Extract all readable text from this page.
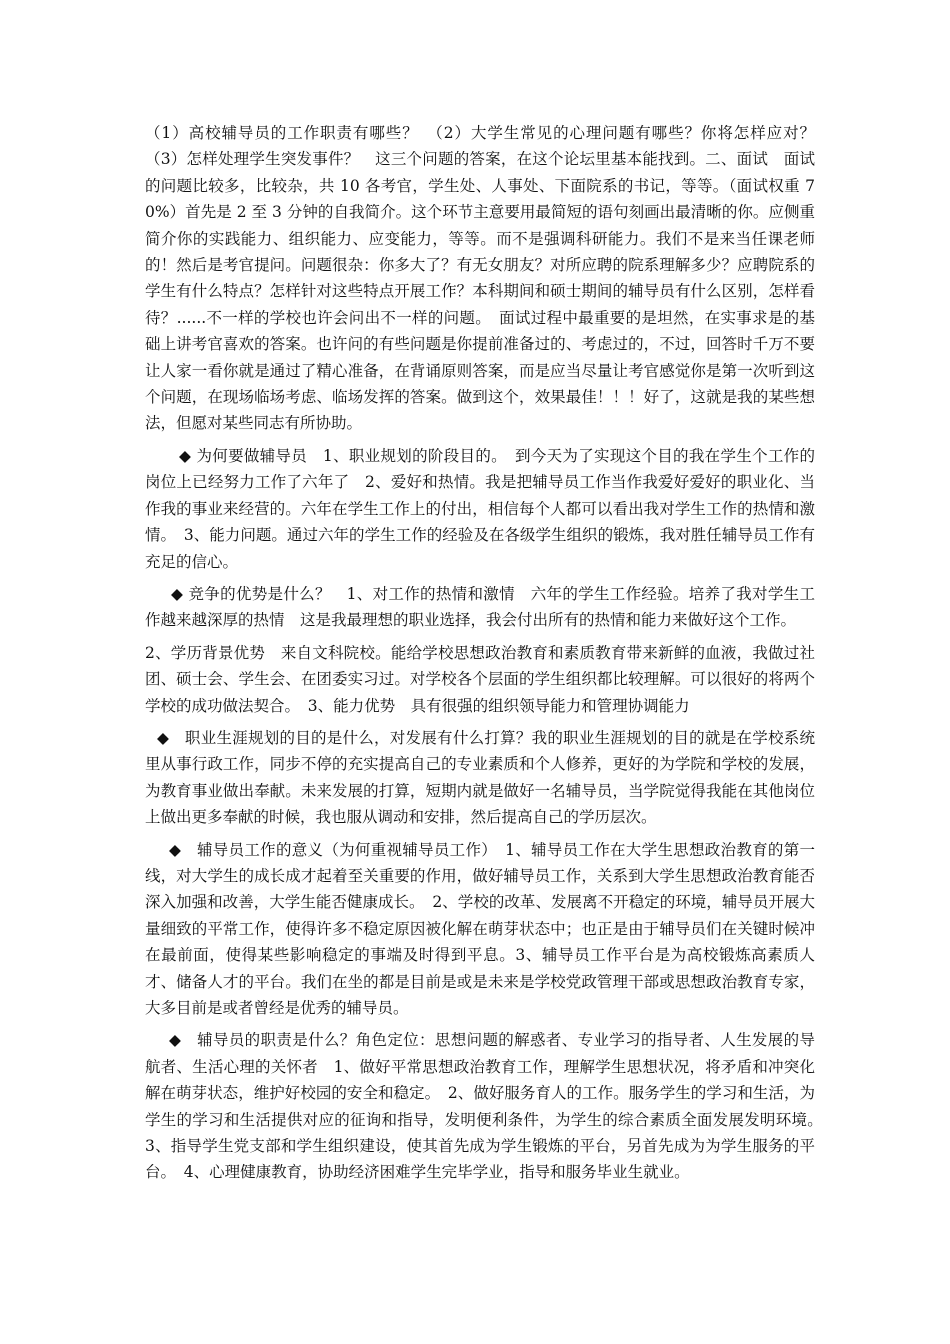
（1）高校辅导员的工作职责有哪些？　（2）大学生常见的心理问题有哪些？你将怎样应对？　（3）怎样处理学生突发事件？　这三个问题的答案，在这个论坛里基本能找到。二、面试　面试的问题比较多，比较杂，共 10 各考官，学生处、人事处、下面院系的书记，等等。（面试权重 70%）首先是 2 至 3 分钟的自我简介。这个环节主意要用最简短的语句刻画出最清晰的你。应侧重简介你的实践能力、组织能力、应变能力，等等。而不是强调科研能力。我们不是来当任课老师的！然后是考官提问。问题很杂：你多大了？有无女朋友？对所应聘的院系理解多少？应聘院系的学生有什么特点？怎样针对这些特点开展工作？本科期间和硕士期间的辅导员有什么区别，怎样看待？......不一样的学校也许会问出不一样的问题。　面试过程中最重要的是坦然，在实事求是的基础上讲考官喜欢的答案。也许问的有些问题是你提前准备过的、考虑过的，不过，回答时千万不要让人家一看你就是通过了精心准备，在背诵原则答案，而是应当尽量让考官感觉你是第一次听到这个问题，在现场临场考虑、临场发挥的答案。做到这个，效果最佳！！！好了，这就是我的某些想法，但愿对某些同志有所协助。

◆ 为何要做辅导员　1、职业规划的阶段目的。　到今天为了实现这个目的我在学生个工作的岗位上已经努力工作了六年了　2、爱好和热情。我是把辅导员工作当作我爱好爱好的职业化、当作我的事业来经营的。六年在学生工作上的付出，相信每个人都可以看出我对学生工作的热情和激情。　3、能力问题。通过六年的学生工作的经验及在各级学生组织的锻炼，我对胜任辅导员工作有充足的信心。

◆ 竞争的优势是什么？　1、对工作的热情和激情　六年的学生工作经验。培养了我对学生工作越来越深厚的热情　这是我最理想的职业选择，我会付出所有的热情和能力来做好这个工作。

2、学历背景优势　来自文科院校。能给学校思想政治教育和素质教育带来新鲜的血液，我做过社团、硕士会、学生会、在团委实习过。对学校各个层面的学生组织都比较理解。可以很好的将两个学校的成功做法契合。　3、能力优势　具有很强的组织领导能力和管理协调能力

◆　职业生涯规划的目的是什么，对发展有什么打算？我的职业生涯规划的目的就是在学校系统里从事行政工作，同步不停的充实提高自己的专业素质和个人修养，更好的为学院和学校的发展，为教育事业做出奉献。未来发展的打算，短期内就是做好一名辅导员，当学院觉得我能在其他岗位上做出更多奉献的时候，我也服从调动和安排，然后提高自己的学历层次。

◆　辅导员工作的意义（为何重视辅导员工作）　1、辅导员工作在大学生思想政治教育的第一线，对大学生的成长成才起着至关重要的作用，做好辅导员工作，关系到大学生思想政治教育能否深入加强和改善，大学生能否健康成长。　2、学校的改革、发展离不开稳定的环境，辅导员开展大量细致的平常工作，使得许多不稳定原因被化解在萌芽状态中；也正是由于辅导员们在关键时候冲在最前面，使得某些影响稳定的事端及时得到平息。3、辅导员工作平台是为高校锻炼高素质人才、储备人才的平台。我们在坐的都是目前是或是未来是学校党政管理干部或思想政治教育专家，大多目前是或者曾经是优秀的辅导员。

◆　辅导员的职责是什么？角色定位：思想问题的解惑者、专业学习的指导者、人生发展的导航者、生活心理的关怀者　1、做好平常思想政治教育工作，理解学生思想状况，将矛盾和冲突化解在萌芽状态，维护好校园的安全和稳定。　2、做好服务育人的工作。服务学生的学习和生活，为学生的学习和生活提供对应的征询和指导，发明便利条件，为学生的综合素质全面发展发明环境。　3、指导学生党支部和学生组织建设，使其首先成为学生锻炼的平台，另首先成为为学生服务的平台。　4、心理健康教育，协助经济困难学生完毕学业，指导和服务毕业生就业。
